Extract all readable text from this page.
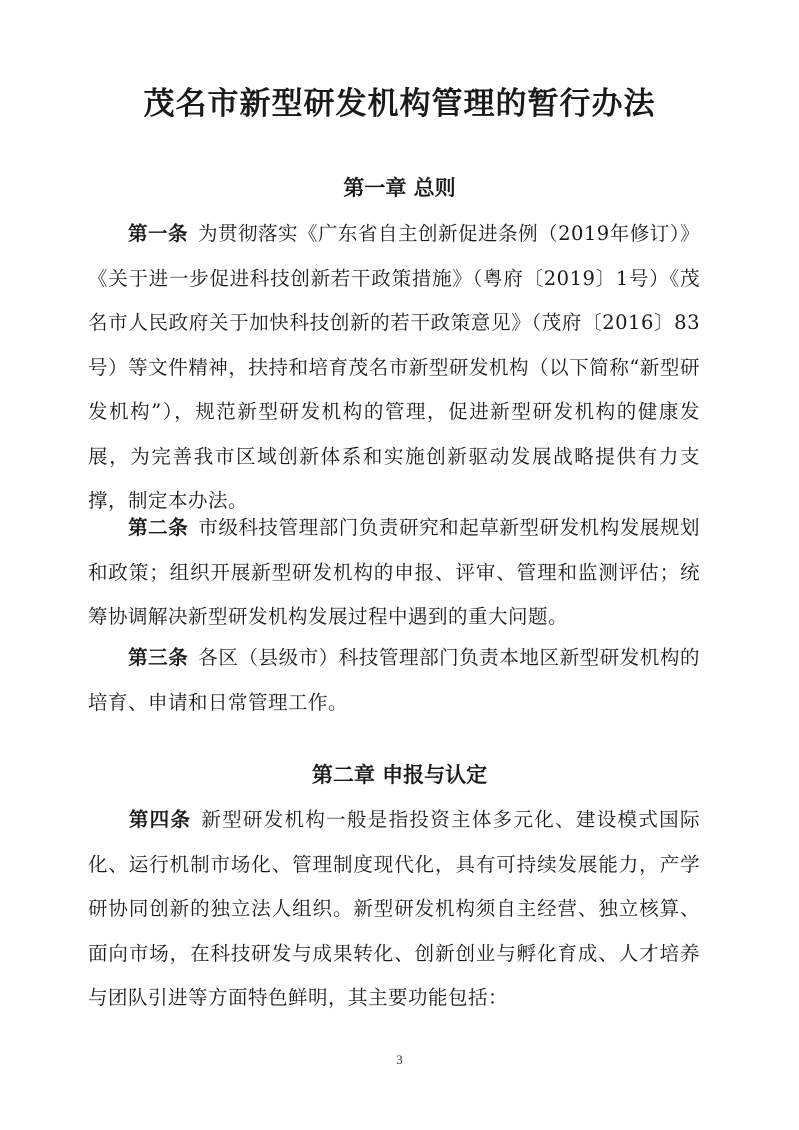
茂名市新型研发机构管理的暂行办法
第一章 总则

第一条 为贯彻落实《广东省自主创新促进条例（2019年修订）》《关于进一步促进科技创新若干政策措施》（粤府〔2019〕1号）《茂名市人民政府关于加快科技创新的若干政策意见》（茂府〔2016〕83号）等文件精神，扶持和培育茂名市新型研发机构（以下简称“新型研发机构”），规范新型研发机构的管理，促进新型研发机构的健康发展，为完善我市区域创新体系和实施创新驱动发展战略提供有力支撑，制定本办法。

第二条 市级科技管理部门负责研究和起草新型研发机构发展规划和政策；组织开展新型研发机构的申报、评审、管理和监测评估；统筹协调解决新型研发机构发展过程中遇到的重大问题。

第三条 各区（县级市）科技管理部门负责本地区新型研发机构的培育、申请和日常管理工作。

第二章 申报与认定

第四条 新型研发机构一般是指投资主体多元化、建设模式国际化、运行机制市场化、管理制度现代化，具有可持续发展能力，产学研协同创新的独立法人组织。新型研发机构须自主经营、独立核算、面向市场，在科技研发与成果转化、创新创业与孵化育成、人才培养与团队引进等方面特色鲜明，其主要功能包括：

3
